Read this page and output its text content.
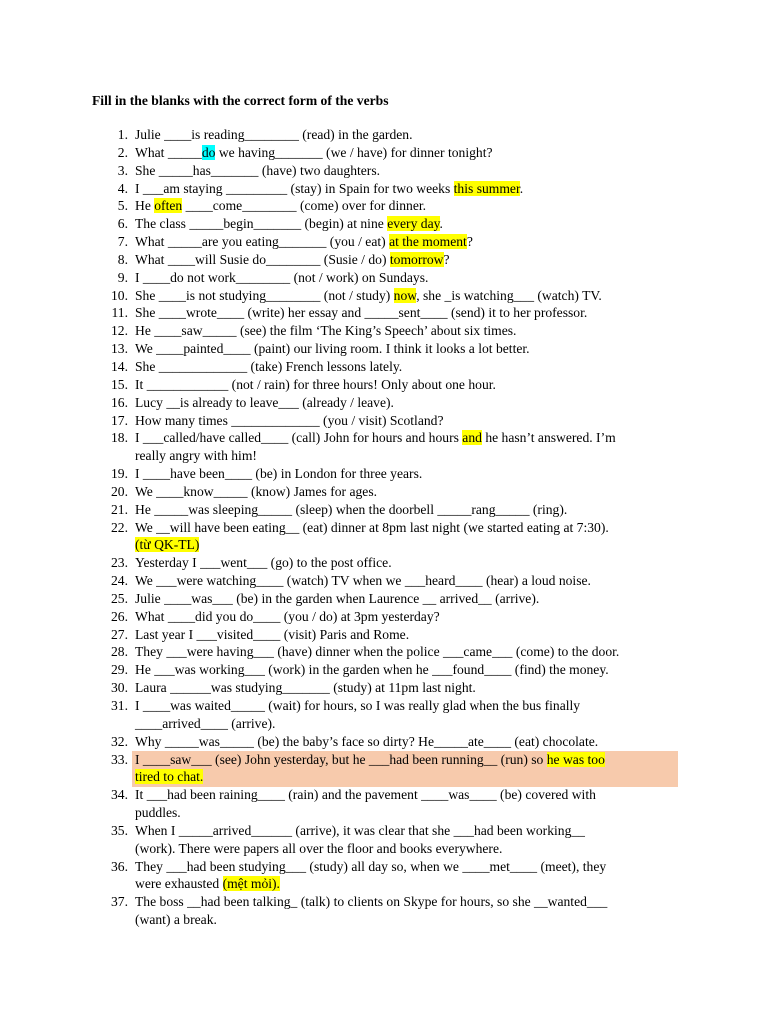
Fill in the blanks with the correct form of the verbs
1. Julie ____is reading________ (read) in the garden.
2. What _____do we having_______ (we / have) for dinner tonight?
3. She _____has_______ (have) two daughters.
4. I ___am staying _________ (stay) in Spain for two weeks this summer.
5. He often ____come________ (come) over for dinner.
6. The class _____begin_______ (begin) at nine every day.
7. What _____are you eating_______ (you / eat) at the moment?
8. What ____will Susie do________ (Susie / do) tomorrow?
9. I ____do not work________ (not / work) on Sundays.
10. She ____is not studying________ (not / study) now, she _is watching___ (watch) TV.
11. She ____wrote____ (write) her essay and _____sent____ (send) it to her professor.
12. He ____saw_____ (see) the film ‘The King’s Speech’ about six times.
13. We ____painted____ (paint) our living room. I think it looks a lot better.
14. She _____________ (take) French lessons lately.
15. It ____________ (not / rain) for three hours! Only about one hour.
16. Lucy __is already to leave___ (already / leave).
17. How many times _____________ (you / visit) Scotland?
18. I ___called/have called____ (call) John for hours and hours and he hasn’t answered. I’m
really angry with him!
19. I ____have been____ (be) in London for three years.
20. We ____know_____ (know) James for ages.
21. He _____was sleeping_____ (sleep) when the doorbell _____rang_____ (ring).
22. We __will have been eating__ (eat) dinner at 8pm last night (we started eating at 7:30).
(từ QK-TL)
23. Yesterday I ___went___ (go) to the post office.
24. We ___were watching____ (watch) TV when we ___heard____ (hear) a loud noise.
25. Julie ____was___ (be) in the garden when Laurence __ arrived__ (arrive).
26. What ____did you do____ (you / do) at 3pm yesterday?
27. Last year I ___visited____ (visit) Paris and Rome.
28. They ___were having___ (have) dinner when the police ___came___ (come) to the door.
29. He ___was working___ (work) in the garden when he ___found____ (find) the money.
30. Laura ______was studying_______ (study) at 11pm last night.
31. I ____was waited_____ (wait) for hours, so I was really glad when the bus finally
____arrived____ (arrive).
32. Why _____was_____ (be) the baby’s face so dirty? He_____ate____ (eat) chocolate.
33. I ____saw___ (see) John yesterday, but he ___had been running__ (run) so he was too
tired to chat.
34. It ___had been raining____ (rain) and the pavement ____was____ (be) covered with
puddles.
35. When I _____arrived______ (arrive), it was clear that she ___had been working__
(work). There were papers all over the floor and books everywhere.
36. They ___had been studying___ (study) all day so, when we ____met____ (meet), they
were exhausted (mệt mỏi).
37. The boss __had been talking_ (talk) to clients on Skype for hours, so she __wanted___
(want) a break.
